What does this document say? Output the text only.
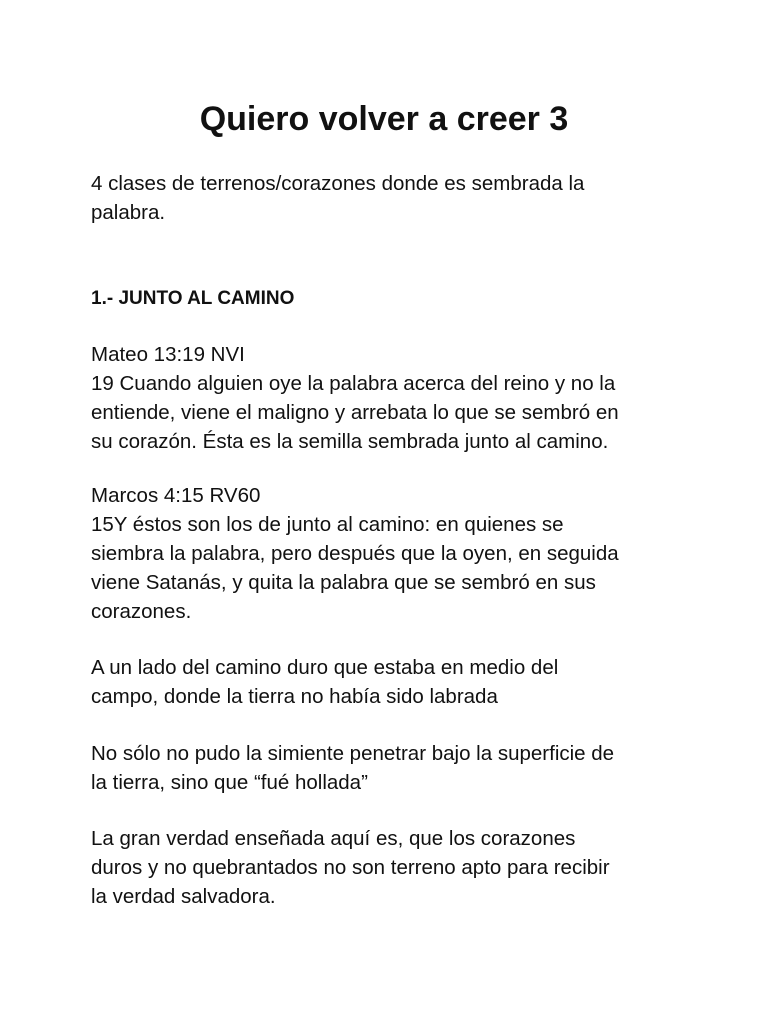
Quiero volver a creer 3

4 clases de terrenos/corazones donde es sembrada la
palabra.

1.- JUNTO AL CAMINO

Mateo 13:19 NVI
19 Cuando alguien oye la palabra acerca del reino y no la
entiende, viene el maligno y arrebata lo que se sembró en
su corazón. Ésta es la semilla sembrada junto al camino.

Marcos 4:15 RV60
15Y éstos son los de junto al camino: en quienes se
siembra la palabra, pero después que la oyen, en seguida
viene Satanás, y quita la palabra que se sembró en sus
corazones.

A un lado del camino duro que estaba en medio del
campo, donde la tierra no había sido labrada

No sólo no pudo la simiente penetrar bajo la superficie de
la tierra, sino que “fué hollada”

La gran verdad enseñada aquí es, que los corazones
duros y no quebrantados no son terreno apto para recibir
la verdad salvadora.
